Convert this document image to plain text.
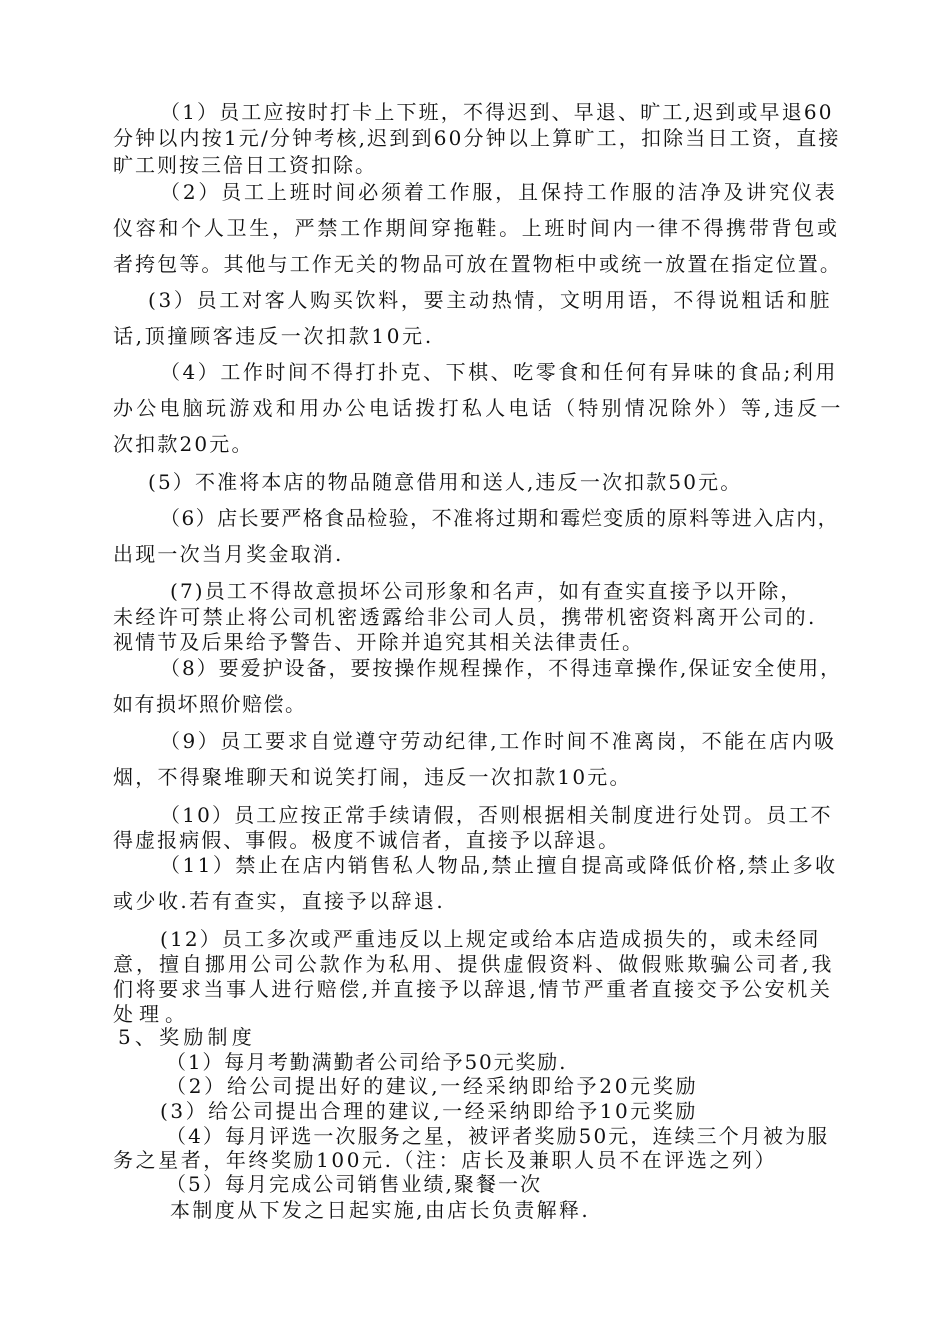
（1）员工应按时打卡上下班，不得迟到、早退、旷工,迟到或早退60

分钟以内按1元/分钟考核,迟到到60分钟以上算旷工，扣除当日工资，直接

旷工则按三倍日工资扣除。

（2）员工上班时间必须着工作服，且保持工作服的洁净及讲究仪表

仪容和个人卫生，严禁工作期间穿拖鞋。上班时间内一律不得携带背包或

者挎包等。其他与工作无关的物品可放在置物柜中或统一放置在指定位置。

(3）员工对客人购买饮料，要主动热情，文明用语，不得说粗话和脏

话,顶撞顾客违反一次扣款10元.

（4）工作时间不得打扑克、下棋、吃零食和任何有异味的食品;利用

办公电脑玩游戏和用办公电话拨打私人电话（特别情况除外）等,违反一

次扣款20元。

(5）不准将本店的物品随意借用和送人,违反一次扣款50元。

（6）店长要严格食品检验，不准将过期和霉烂变质的原料等进入店内，

出现一次当月奖金取消.

(7)员工不得故意损坏公司形象和名声，如有查实直接予以开除，

未经许可禁止将公司机密透露给非公司人员，携带机密资料离开公司的.

视情节及后果给予警告、开除并追究其相关法律责任。

（8）要爱护设备，要按操作规程操作，不得违章操作,保证安全使用，

如有损坏照价赔偿。

（9）员工要求自觉遵守劳动纪律,工作时间不准离岗，不能在店内吸

烟，不得聚堆聊天和说笑打闹，违反一次扣款10元。

（10）员工应按正常手续请假，否则根据相关制度进行处罚。员工不

得虚报病假、事假。极度不诚信者，直接予以辞退。

（11）禁止在店内销售私人物品,禁止擅自提高或降低价格,禁止多收

或少收.若有查实，直接予以辞退.

(12）员工多次或严重违反以上规定或给本店造成损失的，或未经同

意，擅自挪用公司公款作为私用、提供虚假资料、做假账欺骗公司者,我

们将要求当事人进行赔偿,并直接予以辞退,情节严重者直接交予公安机关

处理。

5、奖励制度

（1）每月考勤满勤者公司给予50元奖励.

（2）给公司提出好的建议,一经采纳即给予20元奖励

(3）给公司提出合理的建议,一经采纳即给予10元奖励

（4）每月评选一次服务之星，被评者奖励50元，连续三个月被为服

务之星者，年终奖励100元.（注：店长及兼职人员不在评选之列）

（5）每月完成公司销售业绩,聚餐一次

本制度从下发之日起实施,由店长负责解释.
